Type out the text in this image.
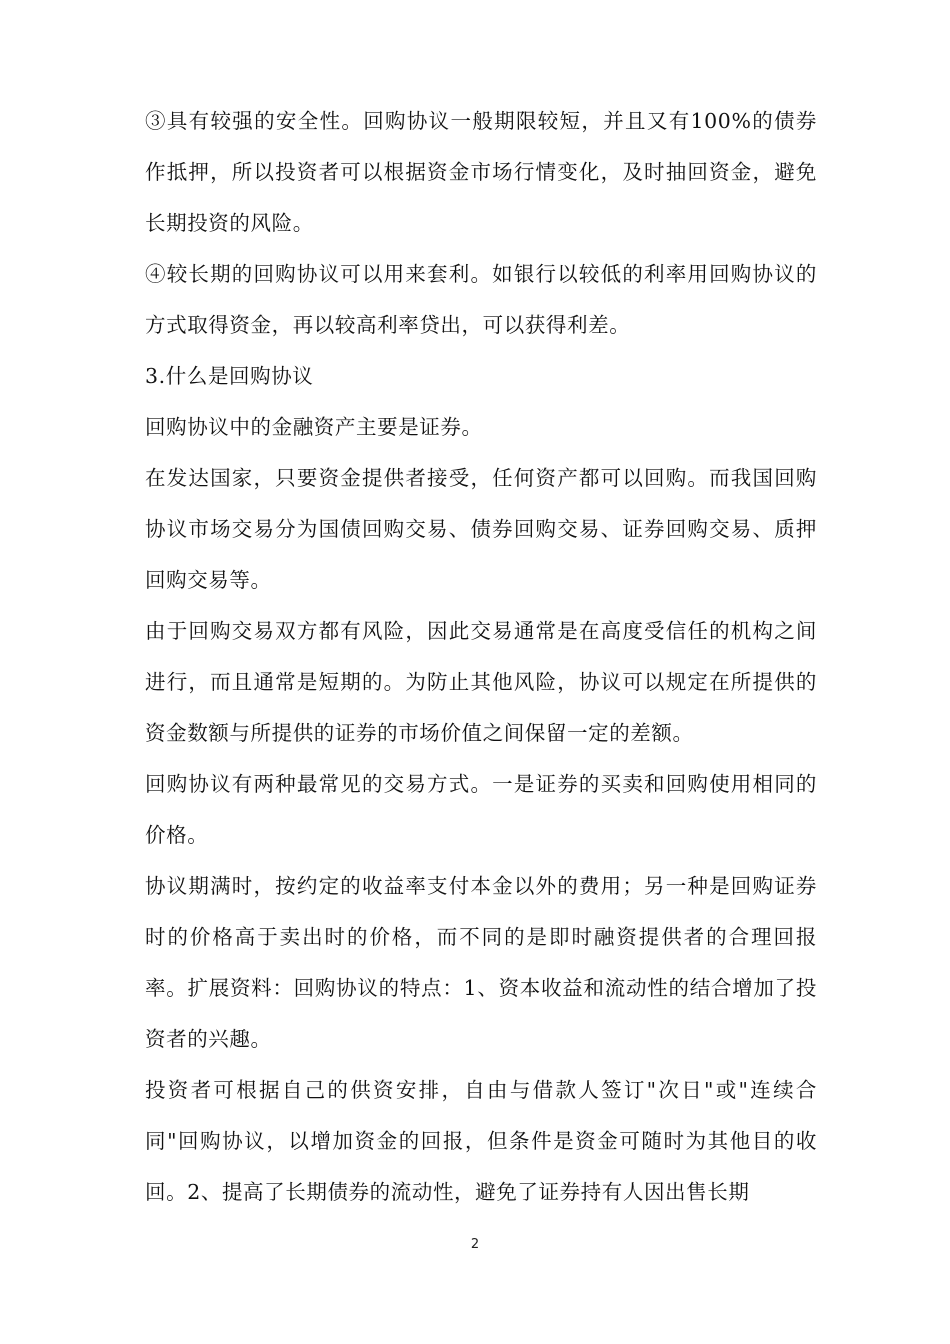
③具有较强的安全性。回购协议一般期限较短，并且又有100%的债券作抵押，所以投资者可以根据资金市场行情变化，及时抽回资金，避免长期投资的风险。

④较长期的回购协议可以用来套利。如银行以较低的利率用回购协议的方式取得资金，再以较高利率贷出，可以获得利差。

3.什么是回购协议

回购协议中的金融资产主要是证券。

在发达国家，只要资金提供者接受，任何资产都可以回购。而我国回购协议市场交易分为国债回购交易、债券回购交易、证券回购交易、质押回购交易等。

由于回购交易双方都有风险，因此交易通常是在高度受信任的机构之间进行，而且通常是短期的。为防止其他风险，协议可以规定在所提供的资金数额与所提供的证券的市场价值之间保留一定的差额。

回购协议有两种最常见的交易方式。一是证券的买卖和回购使用相同的价格。

协议期满时，按约定的收益率支付本金以外的费用；另一种是回购证券时的价格高于卖出时的价格，而不同的是即时融资提供者的合理回报率。扩展资料：回购协议的特点：1、资本收益和流动性的结合增加了投资者的兴趣。

投资者可根据自己的供资安排，自由与借款人签订"次日"或"连续合同"回购协议，以增加资金的回报，但条件是资金可随时为其他目的收回。2、提高了长期债券的流动性，避免了证券持有人因出售长期

2
